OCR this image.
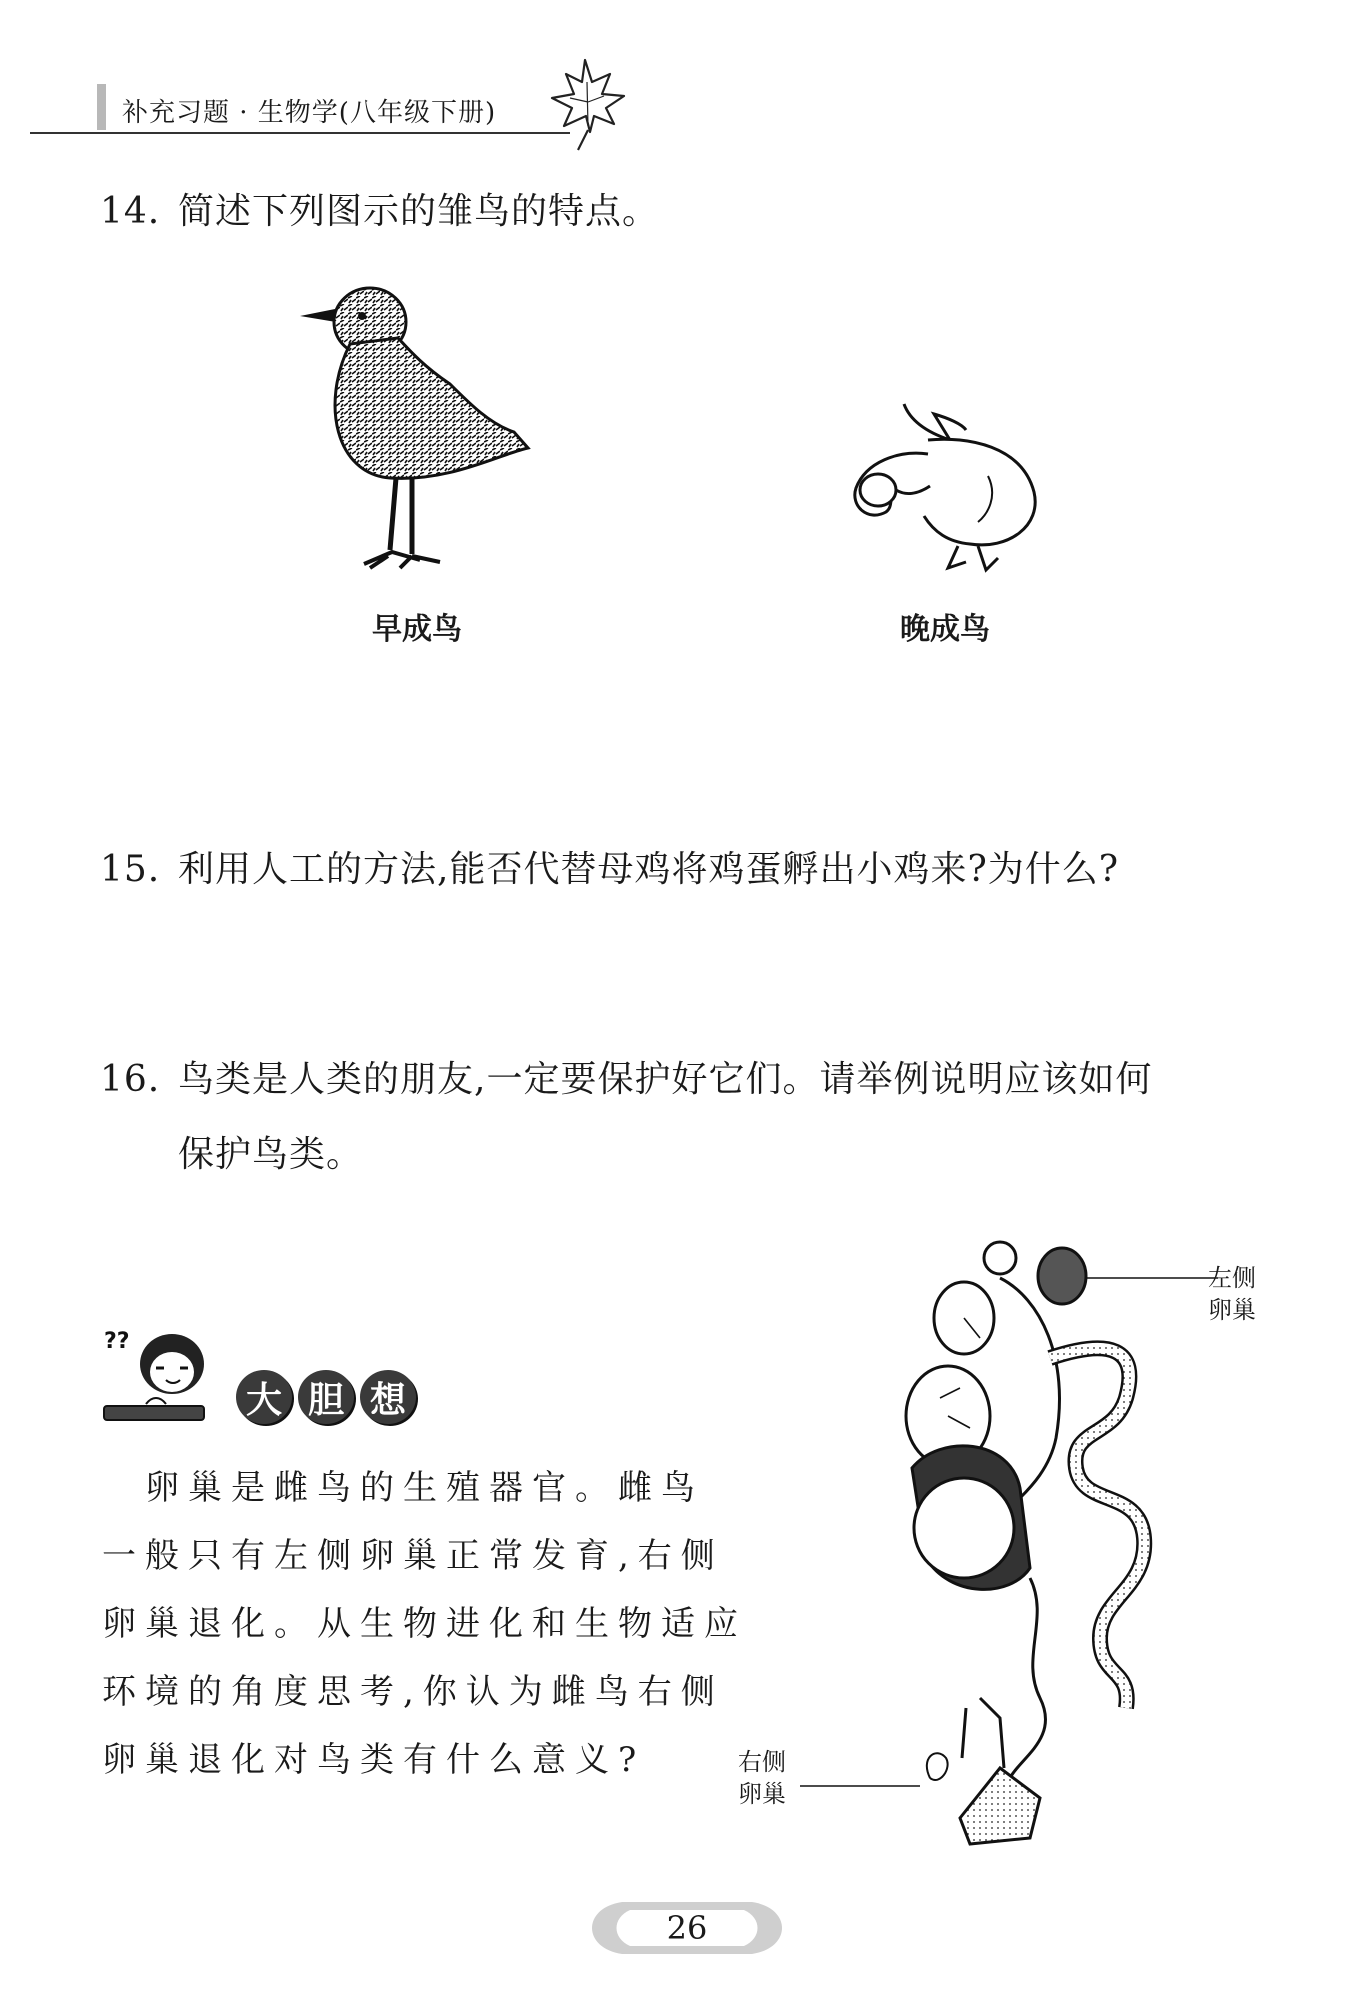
补充习题 · 生物学(八年级下册)
14. 简述下列图示的雏鸟的特点。
早成鸟	晚成鸟
15. 利用人工的方法,能否代替母鸡将鸡蛋孵出小鸡来?为什么?
16. 鸟类是人类的朋友,一定要保护好它们。请举例说明应该如何
保护鸟类。
??
大 胆 想

　卵巢是雌鸟的生殖器官。雌鸟

一般只有左侧卵巢正常发育,右侧

卵巢退化。从生物进化和生物适应

环境的角度思考,你认为雌鸟右侧

卵巢退化对鸟类有什么意义?

左侧
卵巢
右侧
卵巢
26
